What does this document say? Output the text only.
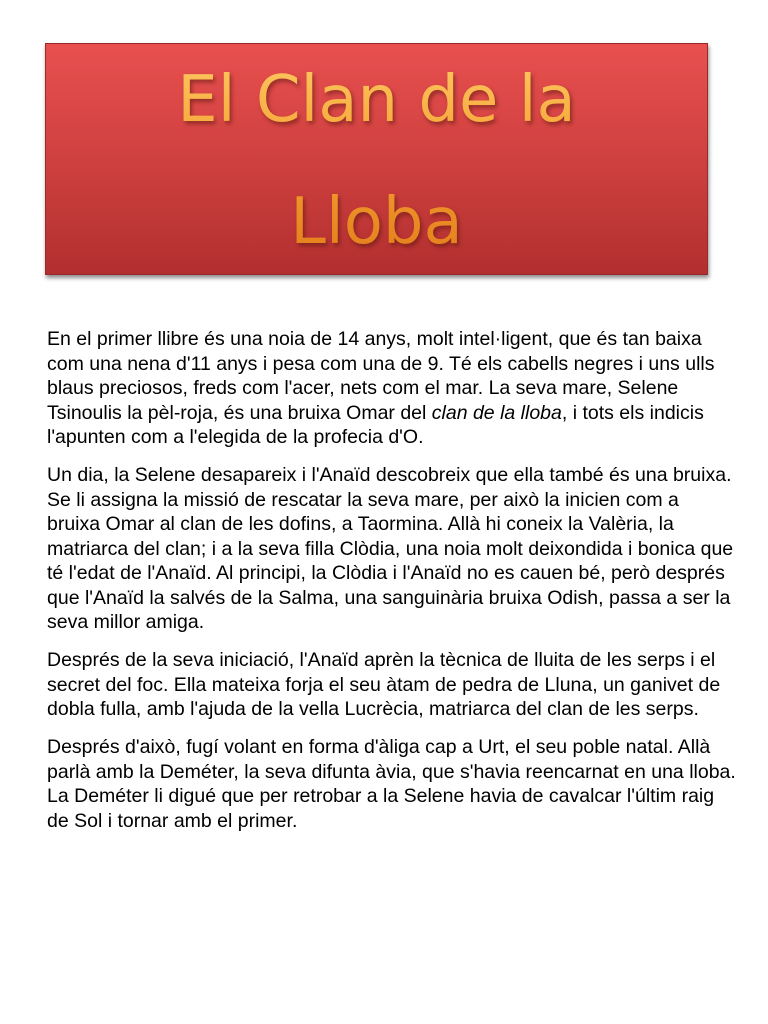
El Clan de la
Lloba

En el primer llibre és una noia de 14 anys, molt intel·ligent, que és tan baixa com una nena d'11 anys i pesa com una de 9. Té els cabells negres i uns ulls blaus preciosos, freds com l'acer, nets com el mar. La seva mare, Selene Tsinoulis la pèl-roja, és una bruixa Omar del clan de la lloba, i tots els indicis l'apunten com a l'elegida de la profecia d'O.

Un dia, la Selene desapareix i l'Anaïd descobreix que ella també és una bruixa. Se li assigna la missió de rescatar la seva mare, per això la inicien com a bruixa Omar al clan de les dofins, a Taormina. Allà hi coneix la Valèria, la matriarca del clan; i a la seva filla Clòdia, una noia molt deixondida i bonica que té l'edat de l'Anaïd. Al principi, la Clòdia i l'Anaïd no es cauen bé, però després que l'Anaïd la salvés de la Salma, una sanguinària bruixa Odish, passa a ser la seva millor amiga.

Després de la seva iniciació, l'Anaïd aprèn la tècnica de lluita de les serps i el secret del foc. Ella mateixa forja el seu àtam de pedra de Lluna, un ganivet de dobla fulla, amb l'ajuda de la vella Lucrècia, matriarca del clan de les serps.

Després d'això, fugí volant en forma d'àliga cap a Urt, el seu poble natal. Allà parlà amb la Deméter, la seva difunta àvia, que s'havia reencarnat en una lloba. La Deméter li digué que per retrobar a la Selene havia de cavalcar l'últim raig de Sol i tornar amb el primer.
